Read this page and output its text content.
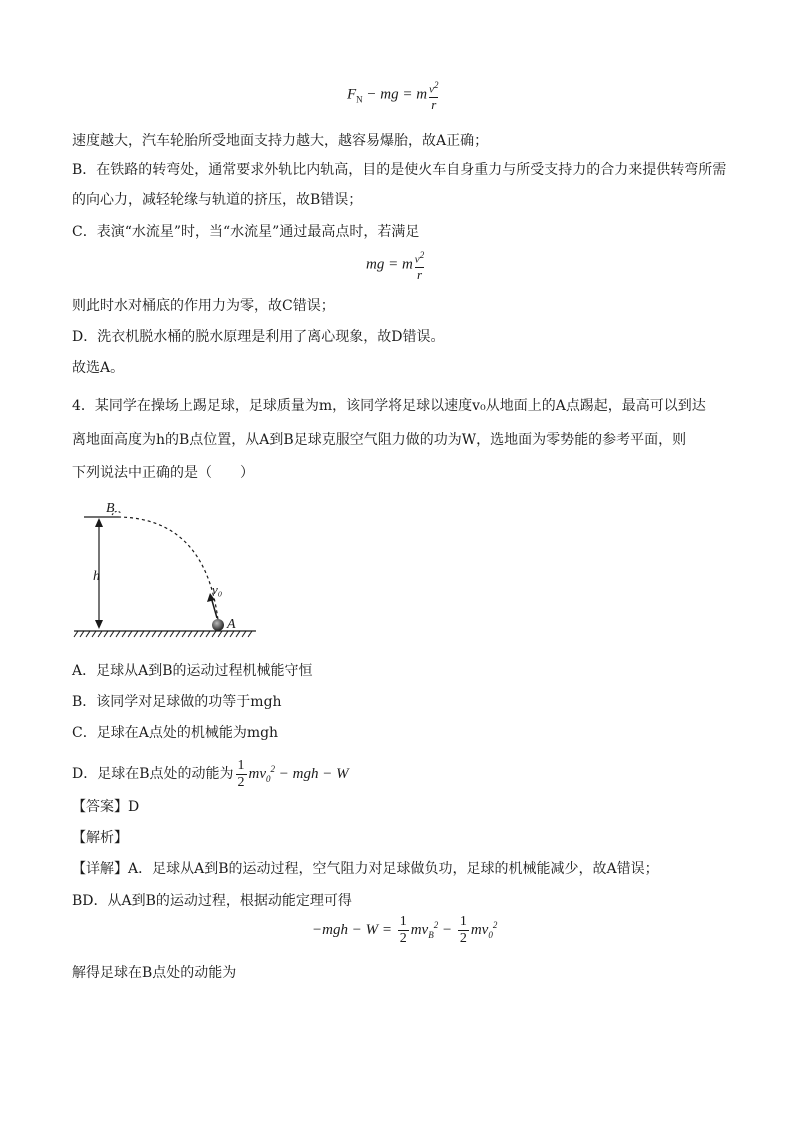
$F_N$ − mg = m $\frac{v^2}{r}$
速度越大，汽车轮胎所受地面支持力越大，越容易爆胎，故A正确；
B．在铁路的转弯处，通常要求外轨比内轨高，目的是使火车自身重力与所受支持力的合力来提供转弯所需
的向心力，减轻轮缘与轨道的挤压，故B错误；
C．表演“水流星”时，当“水流星”通过最高点时，若满足
mg = m $\frac{v^2}{r}$
则此时水对桶底的作用力为零，故C错误；
D．洗衣机脱水桶的脱水原理是利用了离心现象，故D错误。
故选A。
4．某同学在操场上踢足球，足球质量为m，该同学将足球以速度v₀从地面上的A点踢起，最高可以到达
离地面高度为h的B点位置，从A到B足球克服空气阻力做的功为W，选地面为零势能的参考平面，则
下列说法中正确的是（　　）
B
h
v₀
A
A．足球从A到B的运动过程机械能守恒
B．该同学对足球做的功等于mgh
C．足球在A点处的机械能为mgh
D．足球在B点处的动能为 $\frac{1}{2} mv_0^2$ − mgh − W
【答案】D
【解析】
【详解】A．足球从A到B的运动过程，空气阻力对足球做负功，足球的机械能减少，故A错误；
BD．从A到B的运动过程，根据动能定理可得
$-mgh - W = \frac{1}{2} mv_B^2 - \frac{1}{2} mv_0^2$
解得足球在B点处的动能为
